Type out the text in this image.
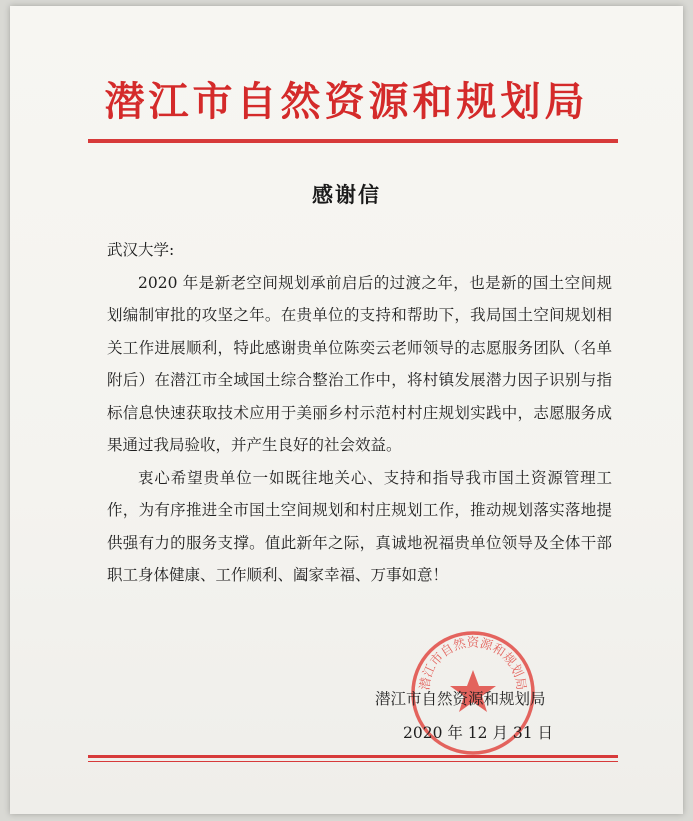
潜江市自然资源和规划局
感谢信

武汉大学:

2020 年是新老空间规划承前启后的过渡之年，也是新的国土空间规划编制审批的攻坚之年。在贵单位的支持和帮助下，我局国土空间规划相关工作进展顺利，特此感谢贵单位陈奕云老师领导的志愿服务团队（名单附后）在潜江市全域国土综合整治工作中，将村镇发展潜力因子识别与指标信息快速获取技术应用于美丽乡村示范村村庄规划实践中，志愿服务成果通过我局验收，并产生良好的社会效益。

衷心希望贵单位一如既往地关心、支持和指导我市国土资源管理工作，为有序推进全市国土空间规划和村庄规划工作，推动规划落实落地提供强有力的服务支撑。值此新年之际，真诚地祝福贵单位领导及全体干部职工身体健康、工作顺利、阖家幸福、万事如意！

潜江市自然资源和规划局
潜江市自然资源和规划局
2020 年 12 月 31 日
